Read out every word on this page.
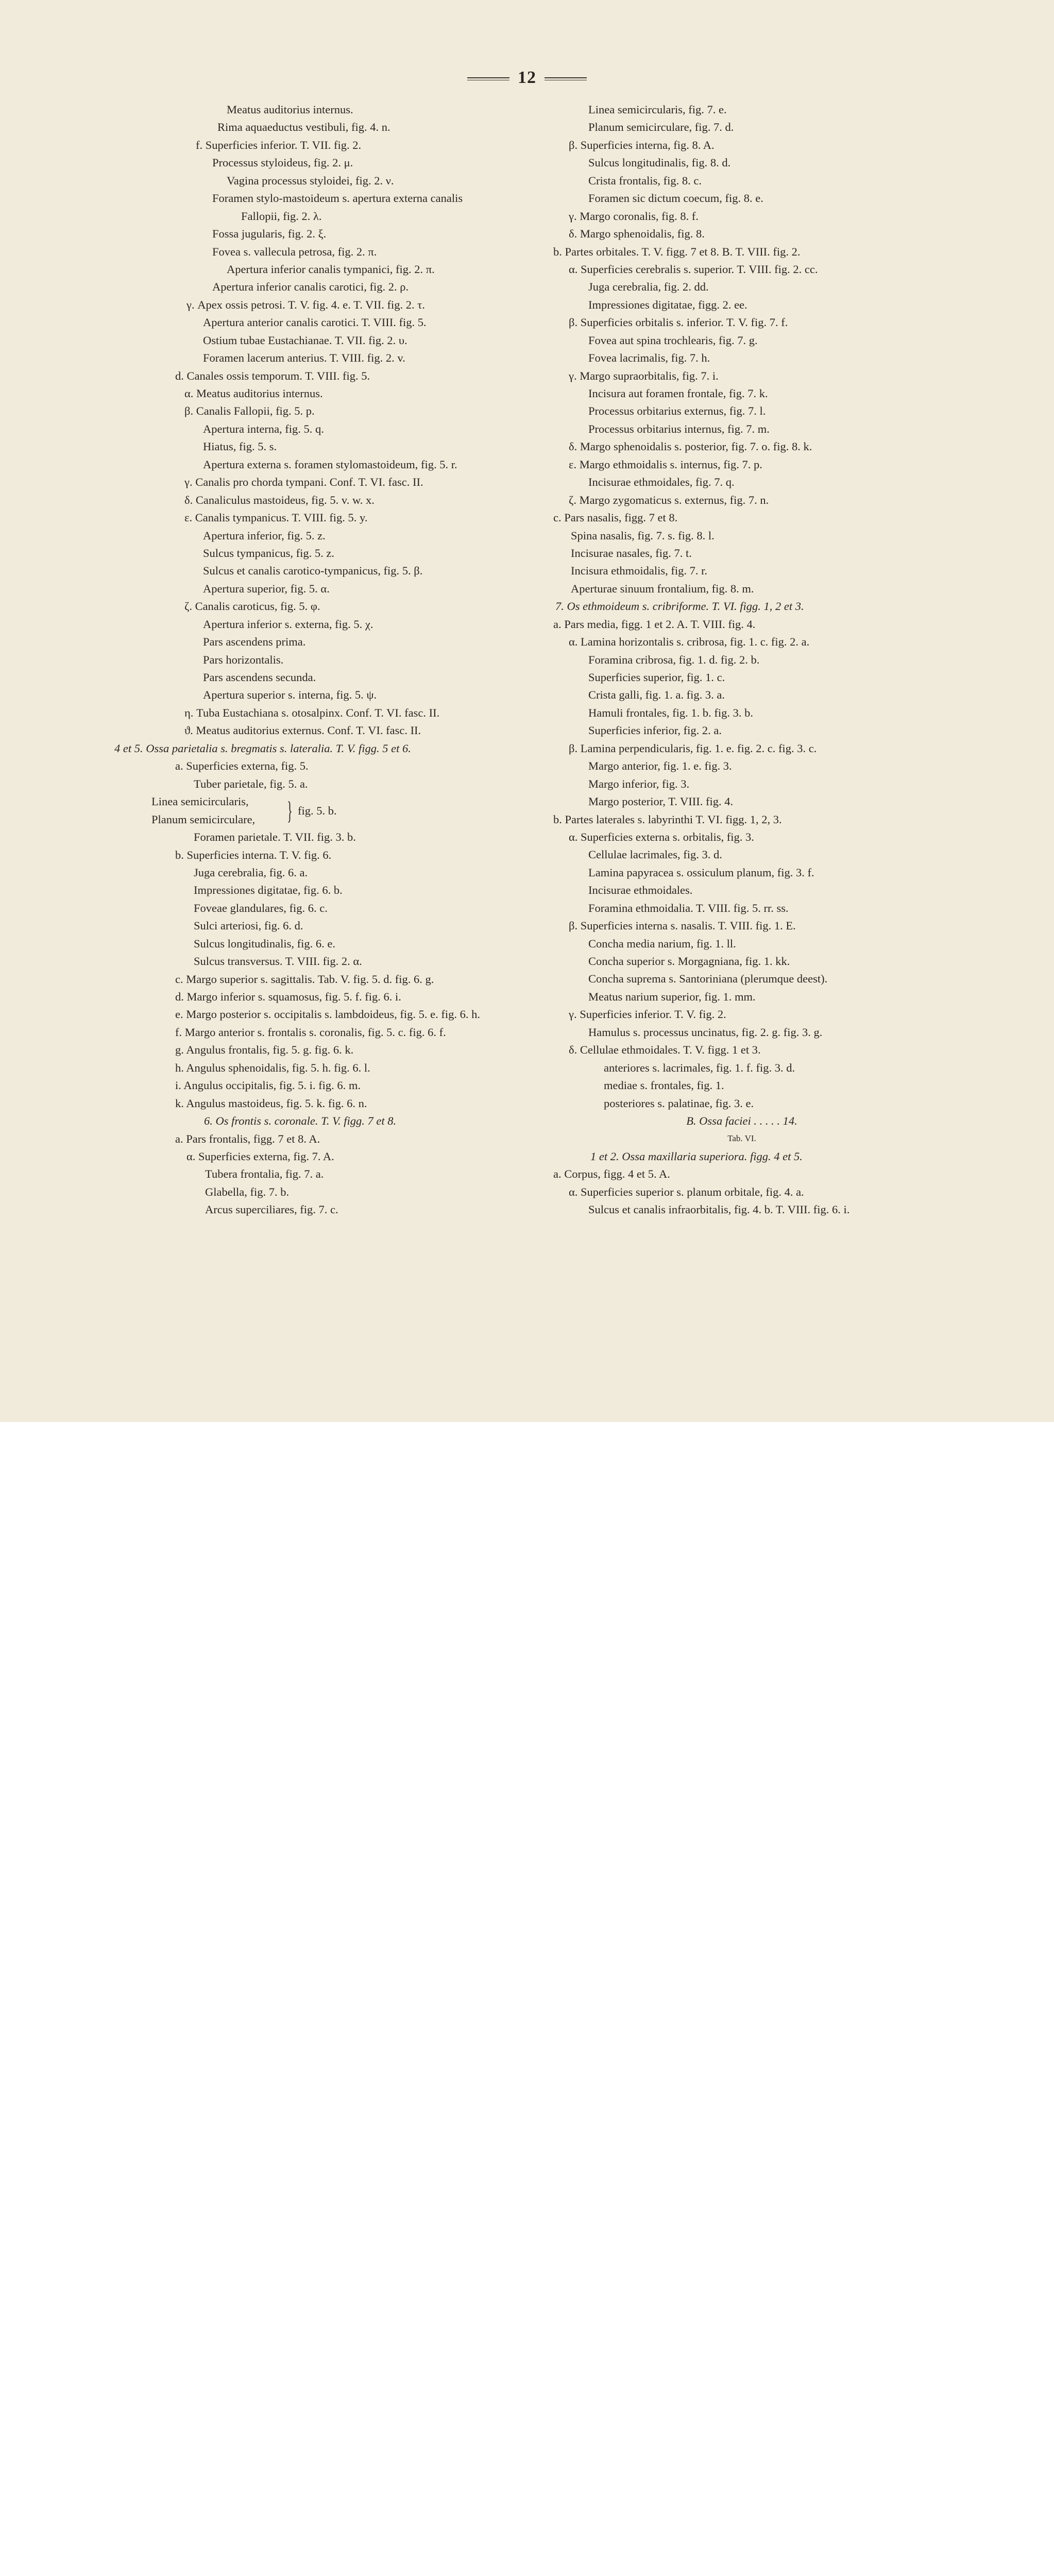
12
Meatus auditorius internus.
Rima aquaeductus vestibuli, fig. 4. n.
f. Superficies inferior. T. VII. fig. 2.
Processus styloideus, fig. 2. μ.
Vagina processus styloidei, fig. 2. ν.
Foramen stylo-mastoideum s. apertura externa canalis
Fallopii, fig. 2. λ.
Fossa jugularis, fig. 2. ξ.
Fovea s. vallecula petrosa, fig. 2. π.
Apertura inferior canalis tympanici, fig. 2. π.
Apertura inferior canalis carotici, fig. 2. ρ.
γ. Apex ossis petrosi. T. V. fig. 4. e. T. VII. fig. 2. τ.
Apertura anterior canalis carotici. T. VIII. fig. 5.
Ostium tubae Eustachianae. T. VII. fig. 2. υ.
Foramen lacerum anterius. T. VIII. fig. 2. v.
d. Canales ossis temporum. T. VIII. fig. 5.
α. Meatus auditorius internus.
β. Canalis Fallopii, fig. 5. p.
Apertura interna, fig. 5. q.
Hiatus, fig. 5. s.
Apertura externa s. foramen stylomastoideum, fig. 5. r.
γ. Canalis pro chorda tympani. Conf. T. VI. fasc. II.
δ. Canaliculus mastoideus, fig. 5. v. w. x.
ε. Canalis tympanicus. T. VIII. fig. 5. y.
Apertura inferior, fig. 5. z.
Sulcus tympanicus, fig. 5. z.
Sulcus et canalis carotico-tympanicus, fig. 5. β.
Apertura superior, fig. 5. α.
ζ. Canalis caroticus, fig. 5. φ.
Apertura inferior s. externa, fig. 5. χ.
Pars ascendens prima.
Pars horizontalis.
Pars ascendens secunda.
Apertura superior s. interna, fig. 5. ψ.
η. Tuba Eustachiana s. otosalpinx. Conf. T. VI. fasc. II.
ϑ. Meatus auditorius externus. Conf. T. VI. fasc. II.
4 et 5. Ossa parietalia s. bregmatis s. lateralia. T. V. figg. 5 et 6.
a. Superficies externa, fig. 5.
Tuber parietale, fig. 5. a.
Linea semicircularis,
Planum semicirculare, } fig. 5. b.
Foramen parietale. T. VII. fig. 3. b.
b. Superficies interna. T. V. fig. 6.
Juga cerebralia, fig. 6. a.
Impressiones digitatae, fig. 6. b.
Foveae glandulares, fig. 6. c.
Sulci arteriosi, fig. 6. d.
Sulcus longitudinalis, fig. 6. e.
Sulcus transversus. T. VIII. fig. 2. α.
c. Margo superior s. sagittalis. Tab. V. fig. 5. d. fig. 6. g.
d. Margo inferior s. squamosus, fig. 5. f. fig. 6. i.
e. Margo posterior s. occipitalis s. lambdoideus, fig. 5. e. fig. 6. h.
f. Margo anterior s. frontalis s. coronalis, fig. 5. c. fig. 6. f.
g. Angulus frontalis, fig. 5. g. fig. 6. k.
h. Angulus sphenoidalis, fig. 5. h. fig. 6. l.
i. Angulus occipitalis, fig. 5. i. fig. 6. m.
k. Angulus mastoideus, fig. 5. k. fig. 6. n.
6. Os frontis s. coronale. T. V. figg. 7 et 8.
a. Pars frontalis, figg. 7 et 8. A.
α. Superficies externa, fig. 7. A.
Tubera frontalia, fig. 7. a.
Glabella, fig. 7. b.
Arcus superciliares, fig. 7. c.
Linea semicircularis, fig. 7. e.
Planum semicirculare, fig. 7. d.
β. Superficies interna, fig. 8. A.
Sulcus longitudinalis, fig. 8. d.
Crista frontalis, fig. 8. c.
Foramen sic dictum coecum, fig. 8. e.
γ. Margo coronalis, fig. 8. f.
δ. Margo sphenoidalis, fig. 8.
b. Partes orbitales. T. V. figg. 7 et 8. B. T. VIII. fig. 2.
α. Superficies cerebralis s. superior. T. VIII. fig. 2. cc.
Juga cerebralia, fig. 2. dd.
Impressiones digitatae, figg. 2. ee.
β. Superficies orbitalis s. inferior. T. V. fig. 7. f.
Fovea aut spina trochlearis, fig. 7. g.
Fovea lacrimalis, fig. 7. h.
γ. Margo supraorbitalis, fig. 7. i.
Incisura aut foramen frontale, fig. 7. k.
Processus orbitarius externus, fig. 7. l.
Processus orbitarius internus, fig. 7. m.
δ. Margo sphenoidalis s. posterior, fig. 7. o. fig. 8. k.
ε. Margo ethmoidalis s. internus, fig. 7. p.
Incisurae ethmoidales, fig. 7. q.
ζ. Margo zygomaticus s. externus, fig. 7. n.
c. Pars nasalis, figg. 7 et 8.
Spina nasalis, fig. 7. s. fig. 8. l.
Incisurae nasales, fig. 7. t.
Incisura ethmoidalis, fig. 7. r.
Aperturae sinuum frontalium, fig. 8. m.
7. Os ethmoideum s. cribriforme. T. VI. figg. 1, 2 et 3.
a. Pars media, figg. 1 et 2. A. T. VIII. fig. 4.
α. Lamina horizontalis s. cribrosa, fig. 1. c. fig. 2. a.
Foramina cribrosa, fig. 1. d. fig. 2. b.
Superficies superior, fig. 1. c.
Crista galli, fig. 1. a. fig. 3. a.
Hamuli frontales, fig. 1. b. fig. 3. b.
Superficies inferior, fig. 2. a.
β. Lamina perpendicularis, fig. 1. e. fig. 2. c. fig. 3. c.
Margo anterior, fig. 1. e. fig. 3.
Margo inferior, fig. 3.
Margo posterior, T. VIII. fig. 4.
b. Partes laterales s. labyrinthi T. VI. figg. 1, 2, 3.
α. Superficies externa s. orbitalis, fig. 3.
Cellulae lacrimales, fig. 3. d.
Lamina papyracea s. ossiculum planum, fig. 3. f.
Incisurae ethmoidales.
Foramina ethmoidalia. T. VIII. fig. 5. rr. ss.
β. Superficies interna s. nasalis. T. VIII. fig. 1. E.
Concha media narium, fig. 1. ll.
Concha superior s. Morgagniana, fig. 1. kk.
Concha suprema s. Santoriniana (plerumque deest).
Meatus narium superior, fig. 1. mm.
γ. Superficies inferior. T. V. fig. 2.
Hamulus s. processus uncinatus, fig. 2. g. fig. 3. g.
δ. Cellulae ethmoidales. T. V. figg. 1 et 3.
anteriores s. lacrimales, fig. 1. f. fig. 3. d.
mediae s. frontales, fig. 1.
posteriores s. palatinae, fig. 3. e.
B. Ossa faciei . . . . . 14.
Tab. VI.
1 et 2. Ossa maxillaria superiora. figg. 4 et 5.
a. Corpus, figg. 4 et 5. A.
α. Superficies superior s. planum orbitale, fig. 4. a.
Sulcus et canalis infraorbitalis, fig. 4. b. T. VIII. fig. 6. i.
